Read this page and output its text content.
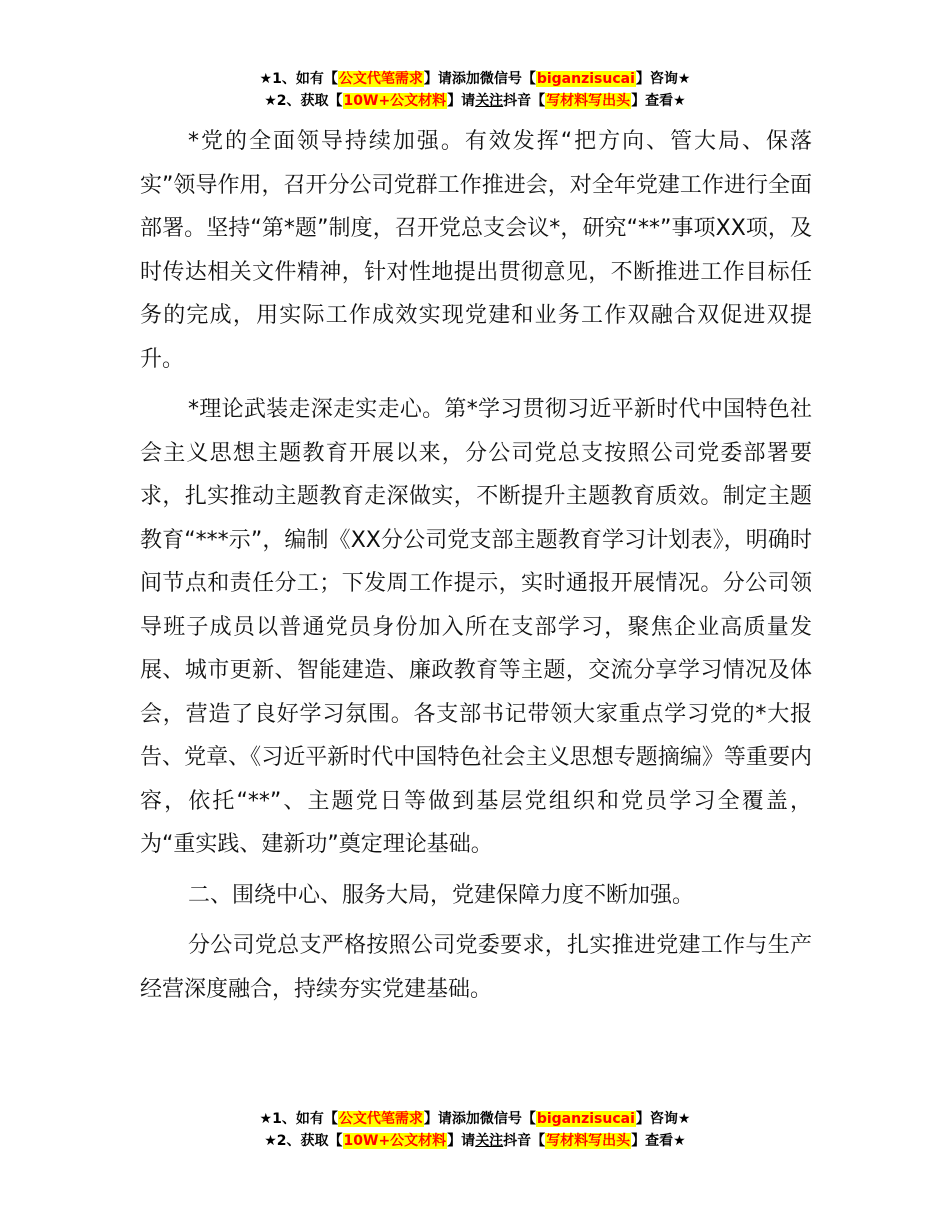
★1、如有【公文代笔需求】请添加微信号【biganzisucai】咨询★
★2、获取【10W+公文材料】请关注抖音【写材料写出头】查看★

*党的全面领导持续加强。有效发挥“把方向、管大局、保落实”领导作用，召开分公司党群工作推进会，对全年党建工作进行全面部署。坚持“第*题”制度，召开党总支会议*，研究“**”事项XX项，及时传达相关文件精神，针对性地提出贯彻意见，不断推进工作目标任务的完成，用实际工作成效实现党建和业务工作双融合双促进双提升。

*理论武装走深走实走心。第*学习贯彻习近平新时代中国特色社会主义思想主题教育开展以来，分公司党总支按照公司党委部署要求，扎实推动主题教育走深做实，不断提升主题教育质效。制定主题教育“***示”，编制《XX分公司党支部主题教育学习计划表》，明确时间节点和责任分工；下发周工作提示，实时通报开展情况。分公司领导班子成员以普通党员身份加入所在支部学习，聚焦企业高质量发展、城市更新、智能建造、廉政教育等主题，交流分享学习情况及体会，营造了良好学习氛围。各支部书记带领大家重点学习党的*大报告、党章、《习近平新时代中国特色社会主义思想专题摘编》等重要内容，依托“**”、主题党日等做到基层党组织和党员学习全覆盖，为“重实践、建新功”奠定理论基础。

二、围绕中心、服务大局，党建保障力度不断加强。

分公司党总支严格按照公司党委要求，扎实推进党建工作与生产经营深度融合，持续夯实党建基础。

★1、如有【公文代笔需求】请添加微信号【biganzisucai】咨询★
★2、获取【10W+公文材料】请关注抖音【写材料写出头】查看★
